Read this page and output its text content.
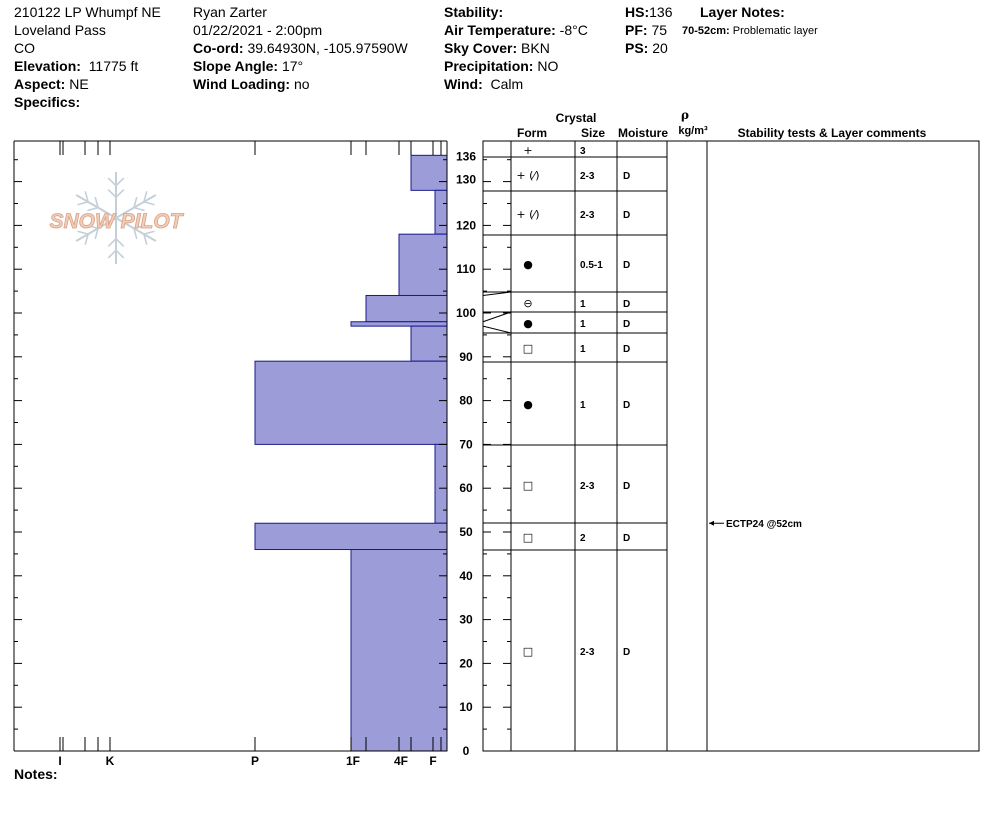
210122 LP Whumpf NE
Loveland Pass
CO
Elevation: 11775 ft
Aspect: NE
Specifics:
Ryan Zarter
01/22/2021 - 2:00pm
Co-ord: 39.64930N, -105.97590W
Slope Angle: 17°
Wind Loading: no
Stability:
Air Temperature: -8°C
Sky Cover: BKN
Precipitation: NO
Wind: Calm
HS:136
PF: 75
PS: 20
Layer Notes:
70-52cm: Problematic layer
Notes:
SNOW PILOT
I	K	P	1F	4F F
0
10
20
30
40
50
60
70
80
90
100
110
120
130
136	+	3
+ (⁄)	2-3	D
+ (⁄)	2-3	D
●	0.5-1 D
⊖	1	D
●	1	D
□	1	D
●	1	D
□	2-3	D
□	2	D
□	2-3	D
Crystal
Form	Size Moisture
ρ
kg/m³ Stability tests & Layer comments
ECTP24 @52cm
